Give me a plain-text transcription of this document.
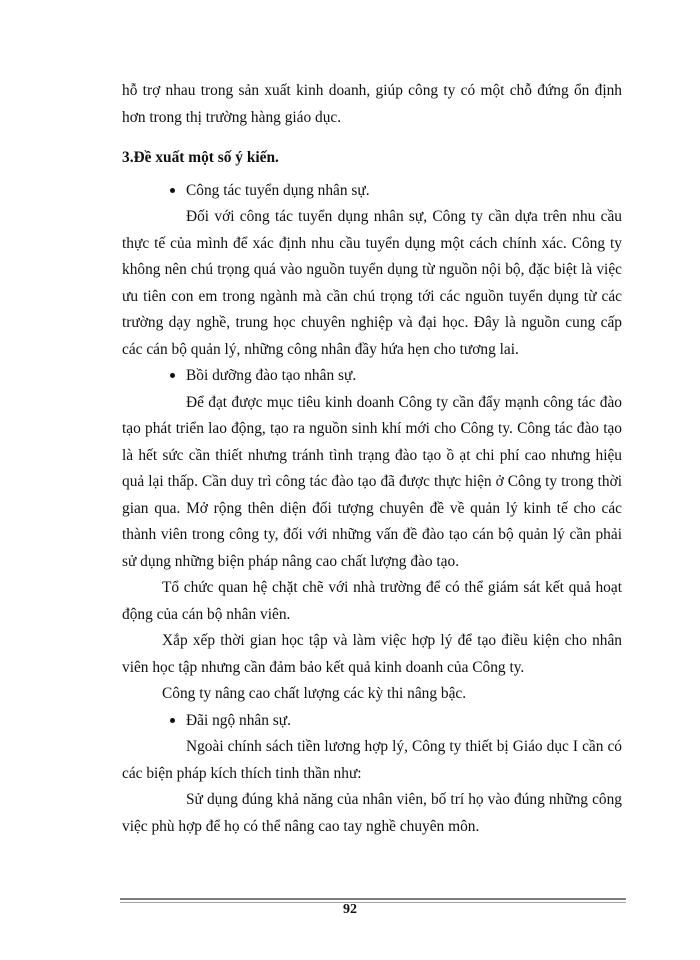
hỗ trợ nhau trong sản xuất kinh doanh, giúp công ty có một chỗ đứng ổn định hơn trong thị trường hàng giáo dục.

3.Đề xuất một số ý kiến.

Công tác tuyển dụng nhân sự.

Đối với công tác tuyển dụng nhân sự, Công ty cần dựa trên nhu cầu thực tế của mình để xác định nhu cầu tuyển dụng một cách chính xác. Công ty không nên chú trọng quá vào nguồn tuyển dụng từ nguồn nội bộ, đặc biệt là việc ưu tiên con em trong ngành mà cần chú trọng tới các nguồn tuyển dụng từ các trường dạy nghề, trung học chuyên nghiệp và đại học. Đây là nguồn cung cấp các cán bộ quản lý, những công nhân đầy hứa hẹn cho tương lai.

Bồi dưỡng đào tạo nhân sự.

Để đạt được mục tiêu kinh doanh Công ty cần đẩy mạnh công tác đào tạo phát triển lao động, tạo ra nguồn sinh khí mới cho Công ty. Công tác đào tạo là hết sức cần thiết nhưng tránh tình trạng đào tạo ồ ạt chi phí cao nhưng hiệu quả lại thấp. Cần duy trì công tác đào tạo đã được thực hiện ở Công ty trong thời gian qua. Mở rộng thên diện đối tượng chuyên đề về quản lý kinh tế cho các thành viên trong công ty, đối với những vấn đề đào tạo cán bộ quản lý cần phải sử dụng những biện pháp nâng cao chất lượng đào tạo.

Tổ chức quan hệ chặt chẽ với nhà trường để có thể giám sát kết quả hoạt động của cán bộ nhân viên.

Xắp xếp thời gian học tập và làm việc hợp lý để tạo điều kiện cho nhân viên học tập nhưng cần đảm bảo kết quả kinh doanh của Công ty.

Công ty nâng cao chất lượng các kỳ thi nâng bậc.

Đãi ngộ nhân sự.

Ngoài chính sách tiền lương hợp lý, Công ty thiết bị Giáo dục I cần có các biện pháp kích thích tinh thần như:

Sử dụng đúng khả năng của nhân viên, bố trí họ vào đúng những công việc phù hợp để họ có thể nâng cao tay nghề chuyên môn.

92
